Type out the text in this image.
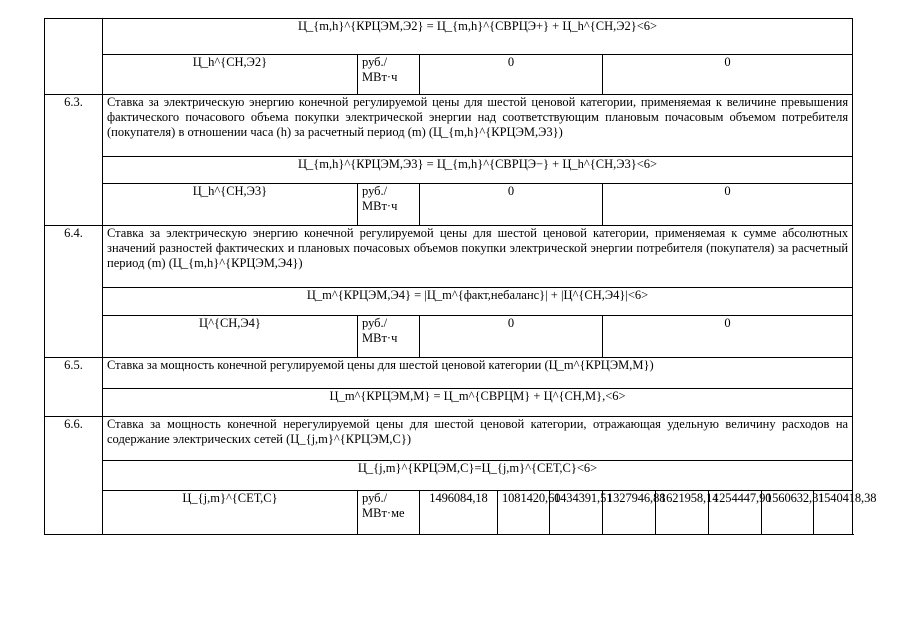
	Ц_{m,h}^{КРЦЭМ,Э2} = Ц_{m,h}^{СВРЦЭ+} + Ц_h^{СН,Э2}<6>									
	Ц_h^{СН,Э2}	руб./
МВт·ч	0			0				
6.3.	Ставка за электрическую энергию конечной регулируемой цены для шестой ценовой категории, применяемая к величине превышения фактического почасового объема покупки электрической энергии над соответствующим плановым почасовым объемом потребителя (покупателя) в отношении часа (h) за расчетный период (m) (Ц_{m,h}^{КРЦЭМ,Э3})									
	Ц_{m,h}^{КРЦЭМ,Э3} = Ц_{m,h}^{СВРЦЭ−} + Ц_h^{СН,Э3}<6>									
	Ц_h^{СН,Э3}	руб./
МВт·ч	0			0				
6.4.	Ставка за электрическую энергию конечной регулируемой цены для шестой ценовой категории, применяемая к сумме абсолютных значений разностей фактических и плановых почасовых объемов покупки электрической энергии потребителя (покупателя) за расчетный период (m) (Ц_{m,h}^{КРЦЭМ,Э4})									
	Ц_m^{КРЦЭМ,Э4} = |Ц_m^{факт,небаланс}| + |Ц^{СН,Э4}|<6>									
	Ц^{СН,Э4}	руб./
МВт·ч	0			0				
6.5.	Ставка за мощность конечной регулируемой цены для шестой ценовой категории (Ц_m^{КРЦЭМ,М})									
	Ц_m^{КРЦЭМ,М} = Ц_m^{СВРЦМ} + Ц^{СН,М},<6>									
6.6.	Ставка за мощность конечной нерегулируемой цены для шестой ценовой категории, отражающая удельную величину расходов на содержание электрических сетей (Ц_{j,m}^{КРЦЭМ,С})									
	Ц_{j,m}^{КРЦЭМ,С}=Ц_{j,m}^{СЕТ,С}<6>									
	Ц_{j,m}^{СЕТ,С}	руб./
МВт·ме	1496084,18	1081420,60	1434391,51	1327946,88	1621958,14	1254447,90	1560632,31	1540418,38
